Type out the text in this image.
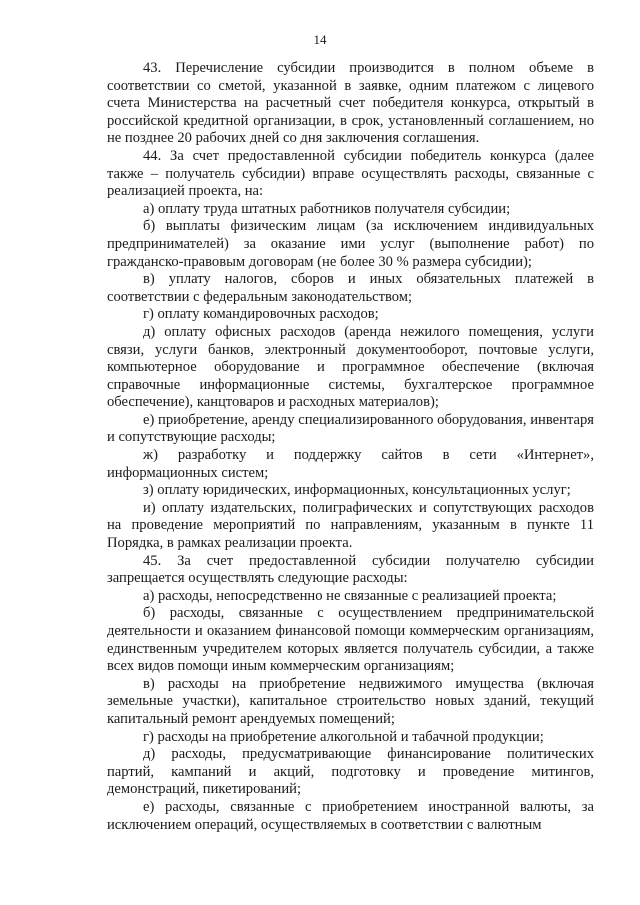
14

43. Перечисление субсидии производится в полном объеме в соответствии со сметой, указанной в заявке, одним платежом с лицевого счета Министерства на расчетный счет победителя конкурса, открытый в российской кредитной организации, в срок, установленный соглашением, но не позднее 20 рабочих дней со дня заключения соглашения.

44. За счет предоставленной субсидии победитель конкурса (далее также – получатель субсидии) вправе осуществлять расходы, связанные с реализацией проекта, на:

а) оплату труда штатных работников получателя субсидии;

б) выплаты физическим лицам (за исключением индивидуальных предпринимателей) за оказание ими услуг (выполнение работ) по гражданско-правовым договорам (не более 30 % размера субсидии);

в) уплату налогов, сборов и иных обязательных платежей в соответствии с федеральным законодательством;

г) оплату командировочных расходов;

д) оплату офисных расходов (аренда нежилого помещения, услуги связи, услуги банков, электронный документооборот, почтовые услуги, компьютерное оборудование и программное обеспечение (включая справочные информационные системы, бухгалтерское программное обеспечение), канцтоваров и расходных материалов);

е) приобретение, аренду специализированного оборудования, инвентаря и сопутствующие расходы;

ж) разработку и поддержку сайтов в сети «Интернет», информационных систем;

з) оплату юридических, информационных, консультационных услуг;

и) оплату издательских, полиграфических и сопутствующих расходов на проведение мероприятий по направлениям, указанным в пункте 11 Порядка, в рамках реализации проекта.

45. За счет предоставленной субсидии получателю субсидии запрещается осуществлять следующие расходы:

а) расходы, непосредственно не связанные с реализацией проекта;

б) расходы, связанные с осуществлением предпринимательской деятельности и оказанием финансовой помощи коммерческим организациям, единственным учредителем которых является получатель субсидии, а также всех видов помощи иным коммерческим организациям;

в) расходы на приобретение недвижимого имущества (включая земельные участки), капитальное строительство новых зданий, текущий капитальный ремонт арендуемых помещений;

г) расходы на приобретение алкогольной и табачной продукции;

д) расходы, предусматривающие финансирование политических партий, кампаний и акций, подготовку и проведение митингов, демонстраций, пикетирований;

е) расходы, связанные с приобретением иностранной валюты, за исключением операций, осуществляемых в соответствии с валютным
